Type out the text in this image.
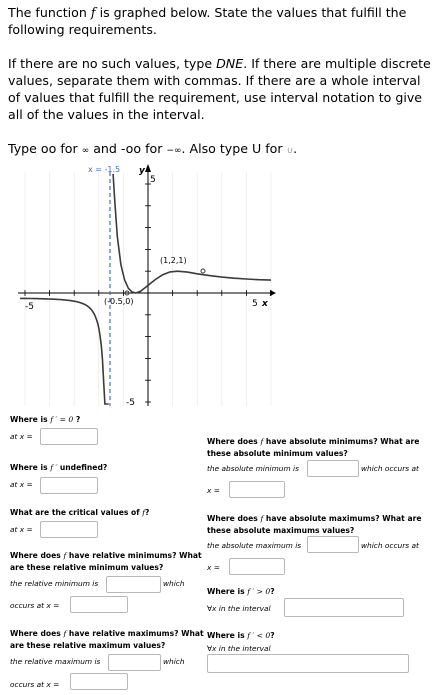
The function f is graphed below. State the values that fulfill the following requirements.
If there are no such values, type DNE. If there are multiple discrete values, separate them with commas. If there are a whole interval of values that fulfill the requirement, use interval notation to give all of the values in the interval.
Type oo for ∞ and -oo for −∞. Also type U for ∪.
x = -1.5 y
x
-5	5
5
-5
(1,2,1)
(-0.5,0)
Where is f ′ = 0 ?
at x =
Where is f ′ undefined?
at x =
What are the critical values of f?
at x =
Where does f have relative minimums? What
are these relative minimum values?
the relative minimum is	which
occurs at x =
Where does f have relative maximums? What
are these relative maximum values?
the relative maximum is	which
occurs at x =
Where does f have absolute minimums? What are
these absolute minimum values?
the absolute minimum is	which occurs at
x =
Where does f have absolute maximums? What are
these absolute maximums values?
the absolute maximum is	which occurs at
x =
Where is f ′ > 0?
∀x in the interval
Where is f ′ < 0?
∀x in the interval
